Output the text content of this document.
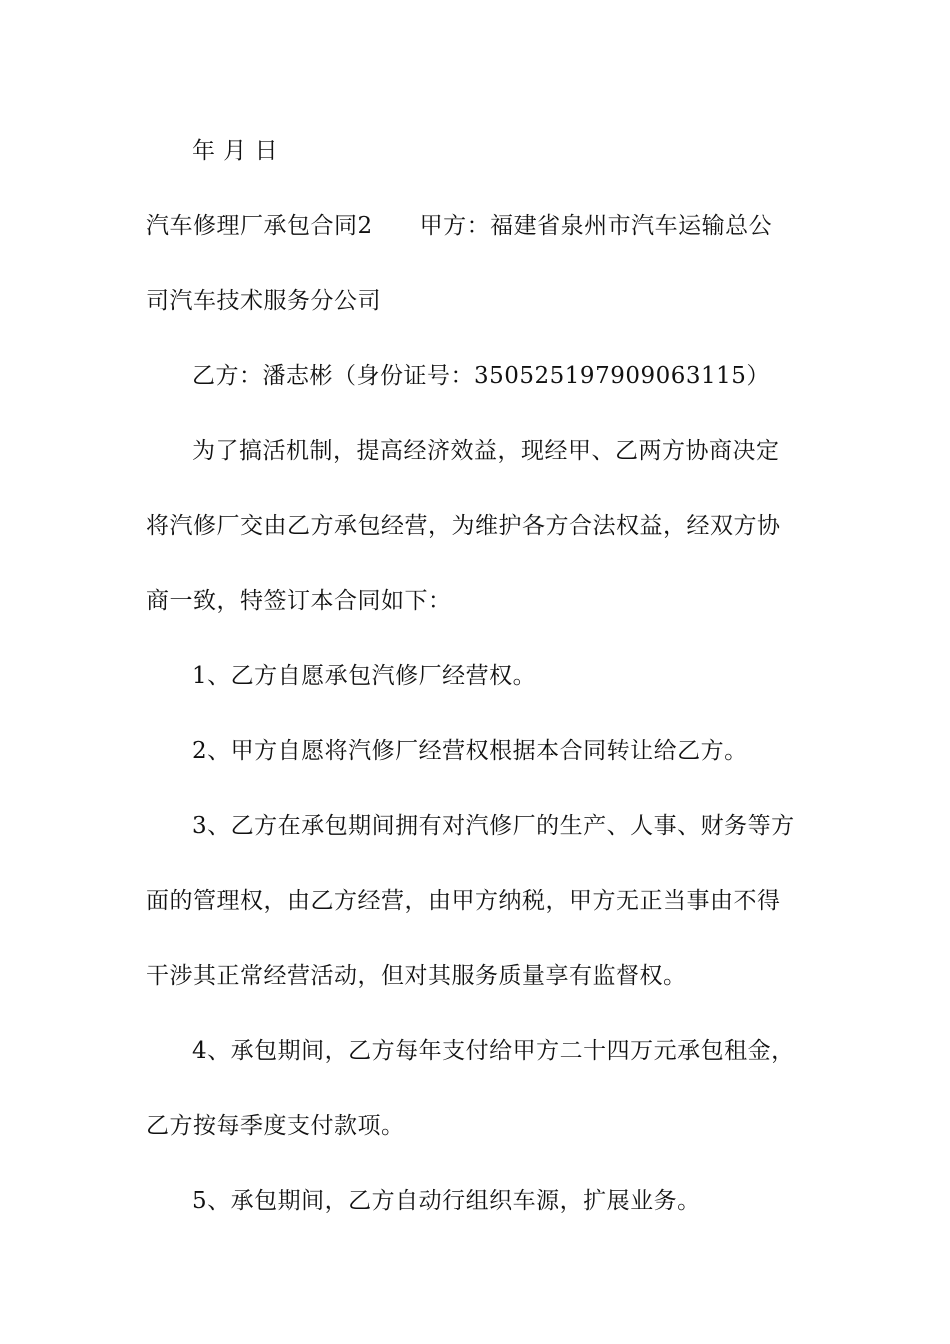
年 月 日
汽车修理厂承包合同2　　甲方：福建省泉州市汽车运输总公
司汽车技术服务分公司
乙方：潘志彬（身份证号：350525197909063115）
为了搞活机制，提高经济效益，现经甲、乙两方协商决定
将汽修厂交由乙方承包经营，为维护各方合法权益，经双方协
商一致，特签订本合同如下：
1、乙方自愿承包汽修厂经营权。
2、甲方自愿将汽修厂经营权根据本合同转让给乙方。
3、乙方在承包期间拥有对汽修厂的生产、人事、财务等方
面的管理权，由乙方经营，由甲方纳税，甲方无正当事由不得
干涉其正常经营活动，但对其服务质量享有监督权。
4、承包期间，乙方每年支付给甲方二十四万元承包租金，
乙方按每季度支付款项。
5、承包期间，乙方自动行组织车源，扩展业务。
